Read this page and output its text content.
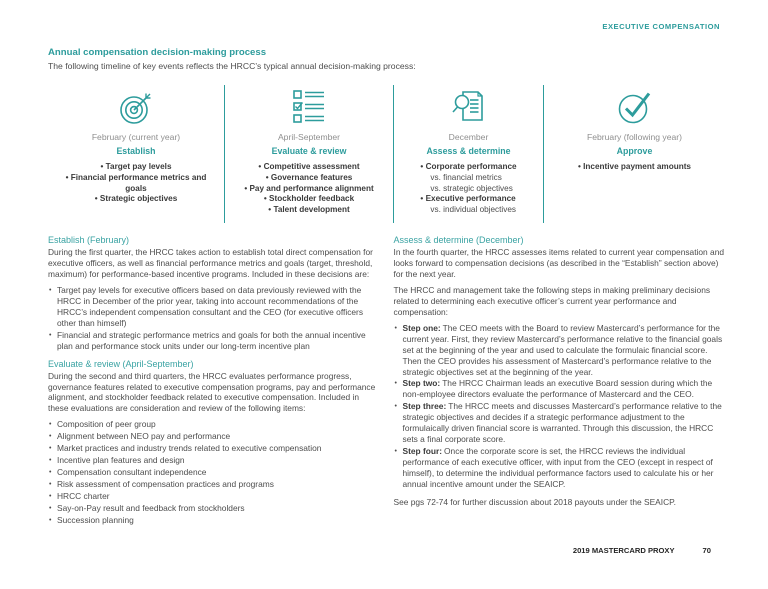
EXECUTIVE COMPENSATION
Annual compensation decision-making process
The following timeline of key events reflects the HRCC’s typical annual decision-making process:
February (current year)
Establish
• Target pay levels
• Financial performance metrics and goals
• Strategic objectives
April-September
Evaluate & review
• Competitive assessment
• Governance features
• Pay and performance alignment
• Stockholder feedback
• Talent development
December
Assess & determine
• Corporate performance
vs. financial metrics
vs. strategic objectives
• Executive performance
vs. individual objectives
February (following year)
Approve
• Incentive payment amounts
Establish (February)

During the first quarter, the HRCC takes action to establish total direct compensation for executive officers, as well as financial performance metrics and goals (target, threshold, maximum) for performance-based incentive programs. Included in these decisions are:

• Target pay levels for executive officers based on data previously reviewed with the HRCC in December of the prior year, taking into account recommendations of the HRCC’s independent compensation consultant and the CEO (for executive officers other than himself)
• Financial and strategic performance metrics and goals for both the annual incentive plan and performance stock units under our long-term incentive plan
Evaluate & review (April-September)

During the second and third quarters, the HRCC evaluates performance progress, governance features related to executive compensation programs, pay and performance alignment, and stockholder feedback related to executive compensation. Included in these evaluations are consideration and review of the following items:

• Composition of peer group
• Alignment between NEO pay and performance
• Market practices and industry trends related to executive compensation
• Incentive plan features and design
• Compensation consultant independence
• Risk assessment of compensation practices and programs
• HRCC charter
• Say-on-Pay result and feedback from stockholders
• Succession planning
Assess & determine (December)

In the fourth quarter, the HRCC assesses items related to current year compensation and looks forward to compensation decisions (as described in the “Establish” section above) for the next year.

The HRCC and management take the following steps in making preliminary decisions related to determining each executive officer’s current year performance and compensation:

• Step one: The CEO meets with the Board to review Mastercard’s performance for the current year. First, they review Mastercard’s performance relative to the financial goals set at the beginning of the year and used to calculate the formulaic financial score. Then the CEO provides his assessment of Mastercard’s performance relative to the strategic objectives set at the beginning of the year.
• Step two: The HRCC Chairman leads an executive Board session during which the non-employee directors evaluate the performance of Mastercard and the CEO.
• Step three: The HRCC meets and discusses Mastercard’s performance relative to the strategic objectives and decides if a strategic performance adjustment to the formulaically driven financial score is warranted. Through this discussion, the HRCC sets a final corporate score.
• Step four: Once the corporate score is set, the HRCC reviews the individual performance of each executive officer, with input from the CEO (except in respect of himself), to determine the individual performance factors used to calculate his or her annual incentive amount under the SEAICP.

See pgs 72-74 for further discussion about 2018 payouts under the SEAICP.

2019 MASTERCARD PROXY	70
